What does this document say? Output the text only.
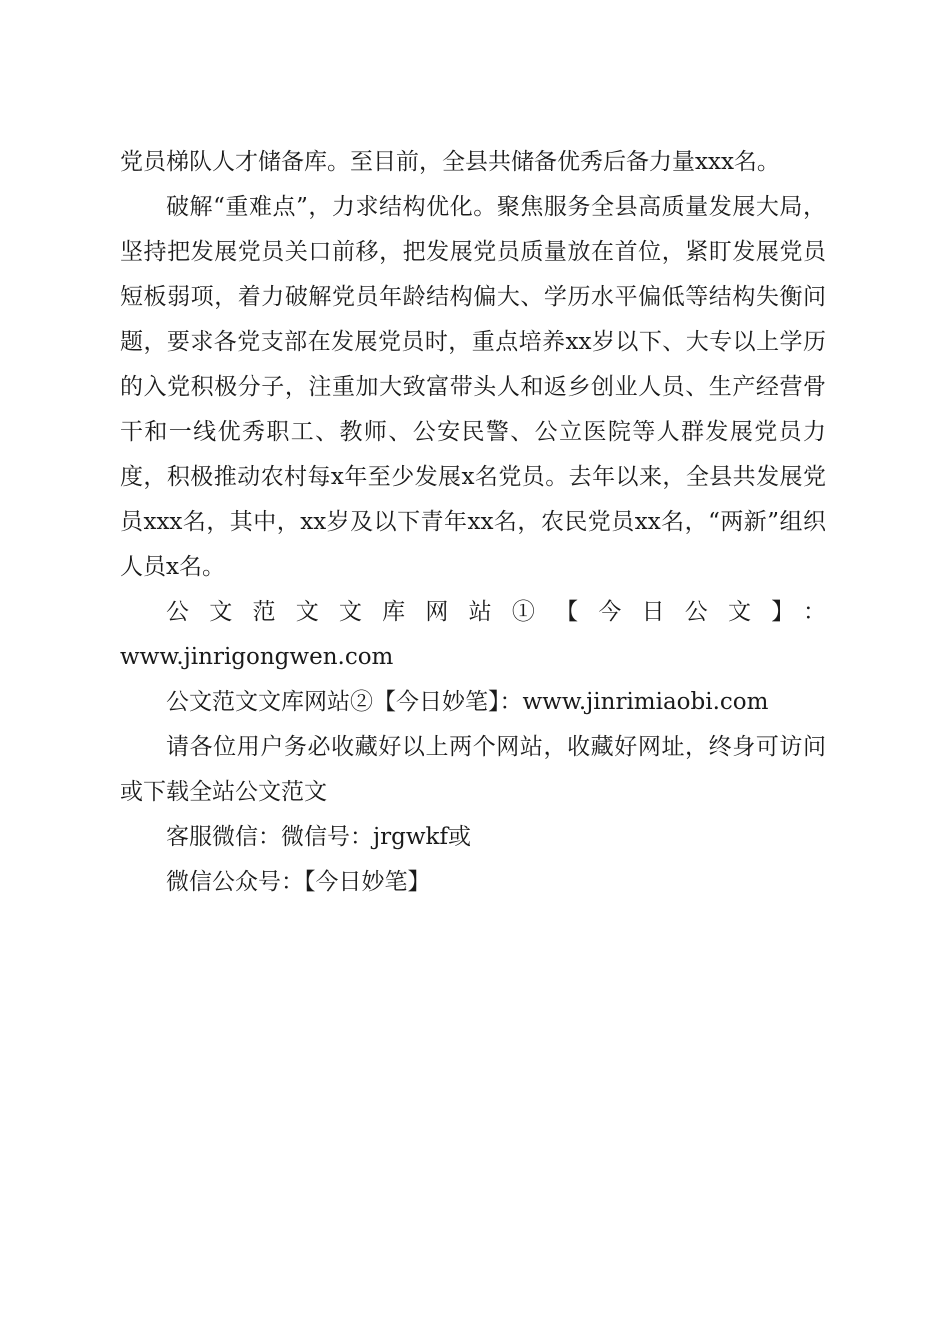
党员梯队人才储备库。至目前，全县共储备优秀后备力量xxx名。

破解“重难点”，力求结构优化。聚焦服务全县高质量发展大局，坚持把发展党员关口前移，把发展党员质量放在首位，紧盯发展党员短板弱项，着力破解党员年龄结构偏大、学历水平偏低等结构失衡问题，要求各党支部在发展党员时，重点培养xx岁以下、大专以上学历的入党积极分子，注重加大致富带头人和返乡创业人员、生产经营骨干和一线优秀职工、教师、公安民警、公立医院等人群发展党员力度，积极推动农村每x年至少发展x名党员。去年以来，全县共发展党员xxx名，其中，xx岁及以下青年xx名，农民党员xx名，“两新”组织人员x名。

公文范文文库网站①【今日公文】：

www.jinrigongwen.com

公文范文文库网站②【今日妙笔】：www.jinrimiaobi.com

请各位用户务必收藏好以上两个网站，收藏好网址，终身可访问或下载全站公文范文

客服微信：微信号：jrgwkf或

微信公众号：【今日妙笔】
